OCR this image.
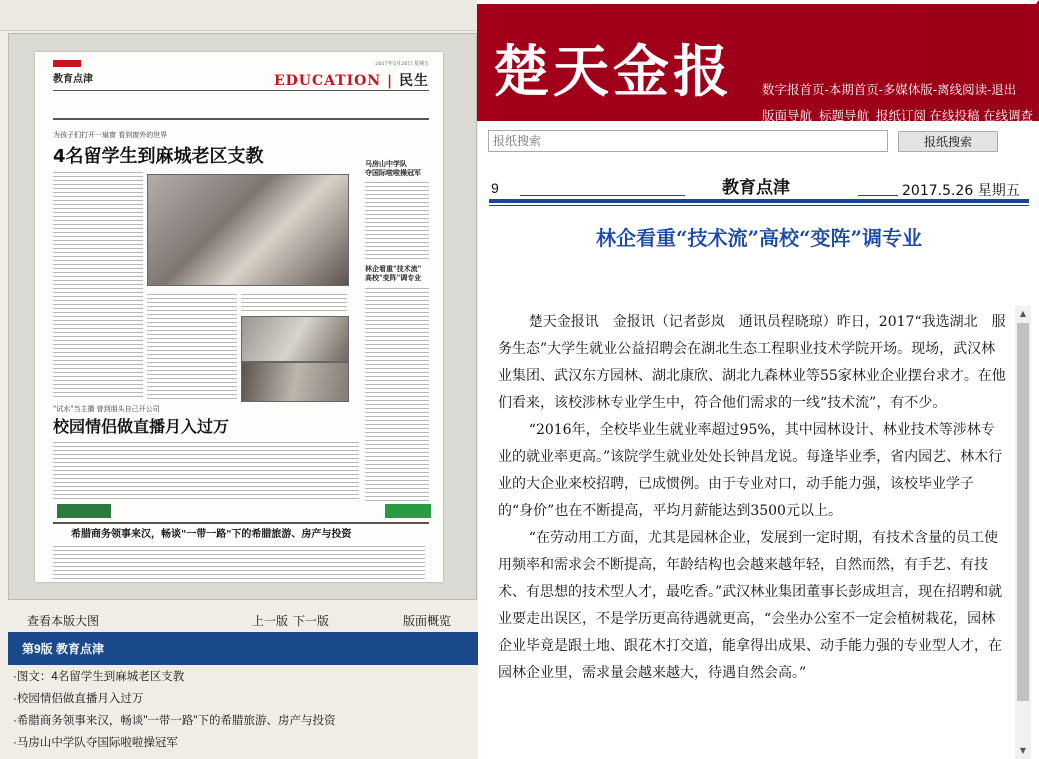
2017年5月26日 星期五
教育点津	EDUCATION | 民生
为孩子们打开一扇窗 看到窗外的世界
4名留学生到麻城老区支教	马房山中学队
夺国际啦啦操冠军
林企看重"技术流"
高校"变阵"调专业
"试水"当主播 曾到朋头自己开公司
校园情侣做直播月入过万
希腊商务领事来汉，畅谈"一带一路"下的希腊旅游、房产与投资
查看本版大图	上一版 下一版	版面概览
第9版 教育点津
·图文：4名留学生到麻城老区支教
·校园情侣做直播月入过万
·希腊商务领事来汉，畅谈"一带一路"下的希腊旅游、房产与投资
·马房山中学队夺国际啦啦操冠军
楚天金报 数字报首页-本期首页-多媒体版-离线阅读-退出
版面导航 标题导航 报纸订阅 在线投稿 在线调查
报纸搜索
报纸搜索
9	教育点津	2017.5.26 星期五
林企看重“技术流”高校“变阵”调专业

楚天金报讯　金报讯（记者彭岚　通讯员程晓琼）昨日，2017“我选湖北　服务生态”大学生就业公益招聘会在湖北生态工程职业技术学院开场。现场，武汉林业集团、武汉东方园林、湖北康欣、湖北九森林业等55家林业企业摆台求才。在他们看来，该校涉林专业学生中，符合他们需求的一线“技术流”，有不少。

“2016年，全校毕业生就业率超过95%，其中园林设计、林业技术等涉林专业的就业率更高。”该院学生就业处处长钟昌龙说。每逢毕业季，省内园艺、林木行业的大企业来校招聘，已成惯例。由于专业对口，动手能力强，该校毕业学子的“身价”也在不断提高，平均月薪能达到3500元以上。

“在劳动用工方面，尤其是园林企业，发展到一定时期，有技术含量的员工使用频率和需求会不断提高，年龄结构也会越来越年轻，自然而然，有手艺、有技术、有思想的技术型人才，最吃香。”武汉林业集团董事长彭成坦言，现在招聘和就业要走出误区，不是学历更高待遇就更高，“会坐办公室不一定会植树栽花，园林企业毕竟是跟土地、跟花木打交道，能拿得出成果、动手能力强的专业型人才，在园林企业里，需求量会越来越大，待遇自然会高。”

▲
▼
